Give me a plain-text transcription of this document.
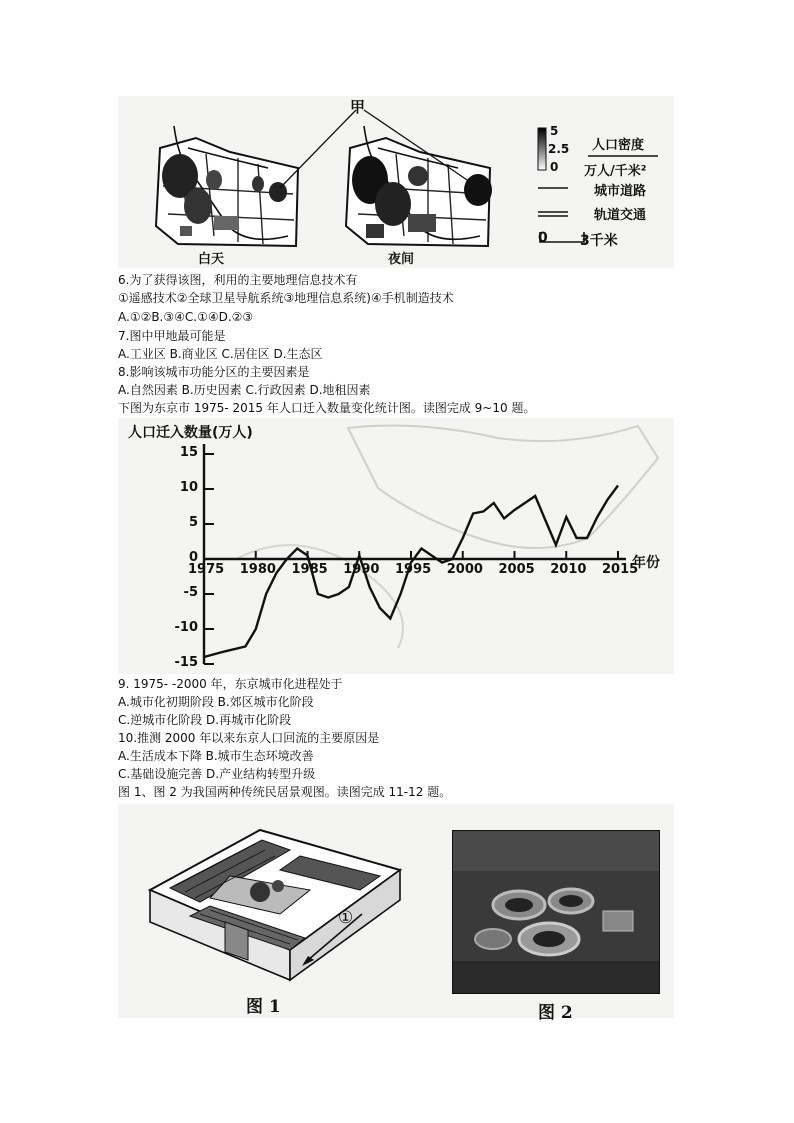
甲
白天	夜间
5
2.5
0
人口密度
万人/千米²
城市道路
轨道交通
0 3千米
6.为了获得该图，利用的主要地理信息技术有
①遥感技术②全球卫星导航系统③地理信息系统)④手机制造技术
A.①②B.③④C.①④D.②③
7.图中甲地最可能是
A.工业区 B.商业区 C.居住区 D.生态区
8.影响该城市功能分区的主要因素是
A.自然因素 B.历史因素 C.行政因素 D.地租因素
下图为东京市 1975- 2015 年人口迁入数量变化统计图。读图完成 9~10 题。
人口迁入数量(万人)
年份
15
10
5
0
-5
-10
-15
1975 1980 1985 1990 1995 2000 2005 2010 2015
9. 1975- -2000 年，东京城市化进程处于
A.城市化初期阶段 B.郊区城市化阶段
C.逆城市化阶段 D.再城市化阶段
10.推测 2000 年以来东京人口回流的主要原因是
A.生活成本下降 B.城市生态环境改善
C.基础设施完善 D.产业结构转型升级
图 1、图 2 为我国两种传统民居景观图。读图完成 11-12 题。
①
图 1	图 2
